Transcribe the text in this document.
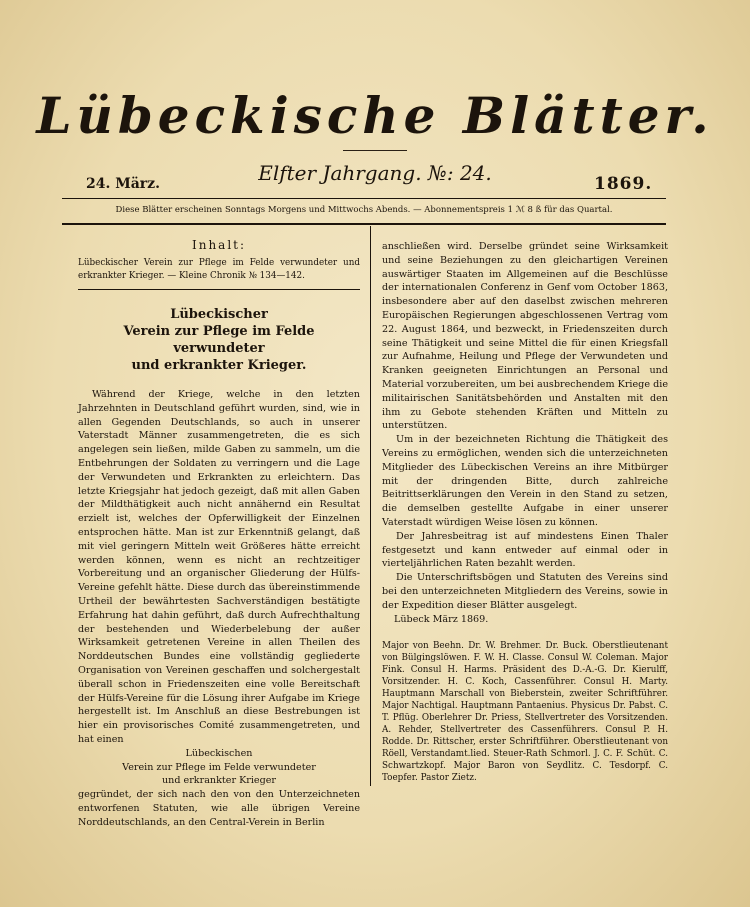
Lübeckische Blätter.
Elfter Jahrgang. №: 24.
24. März.	1869.
Diese Blätter erscheinen Sonntags Morgens und Mittwochs Abends. — Abonnementspreis 1 ℳ 8 ß für das Quartal.
Inhalt:
Lübeckischer Verein zur Pflege im Felde verwundeter und erkrankter Krieger. — Kleine Chronik № 134—142.
Lübeckischer
Verein zur Pflege im Felde verwundeter
und erkrankter Krieger.

Während der Kriege, welche in den letzten Jahrzehnten in Deutschland geführt wurden, sind, wie in allen Gegenden Deutschlands, so auch in unserer Vaterstadt Männer zusammengetreten, die es sich angelegen sein ließen, milde Gaben zu sammeln, um die Entbehrungen der Soldaten zu verringern und die Lage der Verwundeten und Erkrankten zu erleichtern. Das letzte Kriegsjahr hat jedoch gezeigt, daß mit allen Gaben der Mildthätigkeit auch nicht annähernd ein Resultat erzielt ist, welches der Opferwilligkeit der Einzelnen entsprochen hätte. Man ist zur Erkenntniß gelangt, daß mit viel geringern Mitteln weit Größeres hätte erreicht werden können, wenn es nicht an rechtzeitiger Vorbereitung und an organischer Gliederung der Hülfs-Vereine gefehlt hätte. Diese durch das übereinstimmende Urtheil der bewährtesten Sachverständigen bestätigte Erfahrung hat dahin geführt, daß durch Aufrechthaltung der bestehenden und Wiederbelebung der außer Wirksamkeit getretenen Vereine in allen Theilen des Norddeutschen Bundes eine vollständig gegliederte Organisation von Vereinen geschaffen und solchergestalt überall schon in Friedenszeiten eine volle Bereitschaft der Hülfs-Vereine für die Lösung ihrer Aufgabe im Kriege hergestellt ist. Im Anschluß an diese Bestrebungen ist hier ein provisorisches Comité zusammengetreten, und hat einen

Lübeckischen

Verein zur Pflege im Felde verwundeter

und erkrankter Krieger

gegründet, der sich nach den von den Unterzeichneten entworfenen Statuten, wie alle übrigen Vereine Norddeutschlands, an den Central-Verein in Berlin

anschließen wird. Derselbe gründet seine Wirksamkeit und seine Beziehungen zu den gleichartigen Vereinen auswärtiger Staaten im Allgemeinen auf die Beschlüsse der internationalen Conferenz in Genf vom October 1863, insbesondere aber auf den daselbst zwischen mehreren Europäischen Regierungen abgeschlossenen Vertrag vom 22. August 1864, und bezweckt, in Friedenszeiten durch seine Thätigkeit und seine Mittel die für einen Kriegsfall zur Aufnahme, Heilung und Pflege der Verwundeten und Kranken geeigneten Einrichtungen an Personal und Material vorzubereiten, um bei ausbrechendem Kriege die militairischen Sanitätsbehörden und Anstalten mit den ihm zu Gebote stehenden Kräften und Mitteln zu unterstützen.

Um in der bezeichneten Richtung die Thätigkeit des Vereins zu ermöglichen, wenden sich die unterzeichneten Mitglieder des Lübeckischen Vereins an ihre Mitbürger mit der dringenden Bitte, durch zahlreiche Beitrittserklärungen den Verein in den Stand zu setzen, die demselben gestellte Aufgabe in einer unserer Vaterstadt würdigen Weise lösen zu können.

Der Jahresbeitrag ist auf mindestens Einen Thaler festgesetzt und kann entweder auf einmal oder in vierteljährlichen Raten bezahlt werden.

Die Unterschriftsbögen und Statuten des Vereins sind bei den unterzeichneten Mitgliedern des Vereins, sowie in der Expedition dieser Blätter ausgelegt.

Lübeck März 1869.

Major von Beehn. Dr. W. Brehmer. Dr. Buck. Oberstlieutenant von Bülgingslöwen. F. W. H. Classe. Consul W. Coleman. Major Fink. Consul H. Harms. Präsident des D.-A.-G. Dr. Kierulff, Vorsitzender. H. C. Koch, Cassenführer. Consul H. Marty. Hauptmann Marschall von Bieberstein, zweiter Schriftführer. Major Nachtigal. Hauptmann Pantaenius. Physicus Dr. Pabst. C. T. Pflüg. Oberlehrer Dr. Priess, Stellvertreter des Vorsitzenden. A. Rehder, Stellvertreter des Cassenführers. Consul P. H. Rodde. Dr. Rittscher, erster Schriftführer. Oberstlieutenant von Röell, Verstandamt.lied. Steuer-Rath Schmorl. J. C. F. Schüt. C. Schwartzkopf. Major Baron von Seydlitz. C. Tesdorpf. C. Toepfer. Pastor Zietz.
